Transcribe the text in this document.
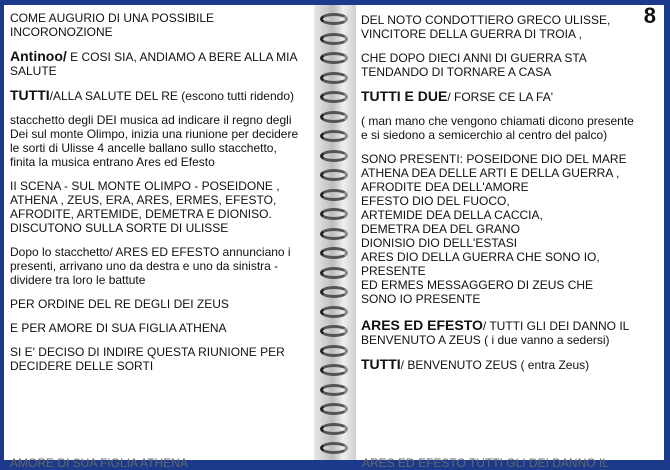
COME AUGURIO DI UNA POSSIBILE
INCORONOZIONE

Antinoo/ E COSI SIA, ANDIAMO A BERE ALLA MIA SALUTE

TUTTI/ALLA SALUTE DEL RE (escono tutti ridendo)

stacchetto degli DEI musica ad indicare il regno degli
Dei sul monte Olimpo, inizia una riunione per decidere
le sorti di Ulisse 4 ancelle ballano sullo stacchetto,
finita la musica entrano Ares ed Efesto

II SCENA - SUL MONTE OLIMPO - POSEIDONE ,
ATHENA , ZEUS, ERA, ARES, ERMES, EFESTO,
AFRODITE, ARTEMIDE, DEMETRA E DIONISO.
DISCUTONO SULLA SORTE DI ULISSE

Dopo lo stacchetto/ ARES ED EFESTO annunciano i
presenti, arrivano uno da destra e uno da sinistra -
dividere tra loro le battute

PER ORDINE DEL RE DEGLI DEI ZEUS

E PER AMORE DI SUA FIGLIA ATHENA

SI E' DECISO DI INDIRE QUESTA RIUNIONE PER
DECIDERE DELLE SORTI

AMORE DI SUA FIGLIA ATHENA
8

DEL NOTO CONDOTTIERO GRECO ULISSE,
VINCITORE DELLA GUERRA DI TROIA ,

CHE DOPO DIECI ANNI DI GUERRA STA
TENDANDO DI TORNARE A CASA

TUTTI E DUE/ FORSE CE LA FA'

( man mano che vengono chiamati dicono presente
e si siedono a semicerchio al centro del palco)

SONO PRESENTI: POSEIDONE DIO DEL MARE
ATHENA DEA DELLE ARTI E DELLA GUERRA ,
AFRODITE DEA DELL'AMORE
EFESTO DIO DEL FUOCO,
ARTEMIDE DEA DELLA CACCIA,
DEMETRA DEA DEL GRANO
DIONISIO DIO DELL'ESTASI
ARES DIO DELLA GUERRA CHE SONO IO,
PRESENTE
ED ERMES MESSAGGERO DI ZEUS CHE
SONO IO PRESENTE

ARES ED EFESTO/ TUTTI GLI DEI DANNO IL
BENVENUTO A ZEUS ( i due vanno a sedersi)

TUTTI/ BENVENUTO ZEUS ( entra Zeus)

ARES ED EFESTO TUTTI GLI DEI DANNO IL
